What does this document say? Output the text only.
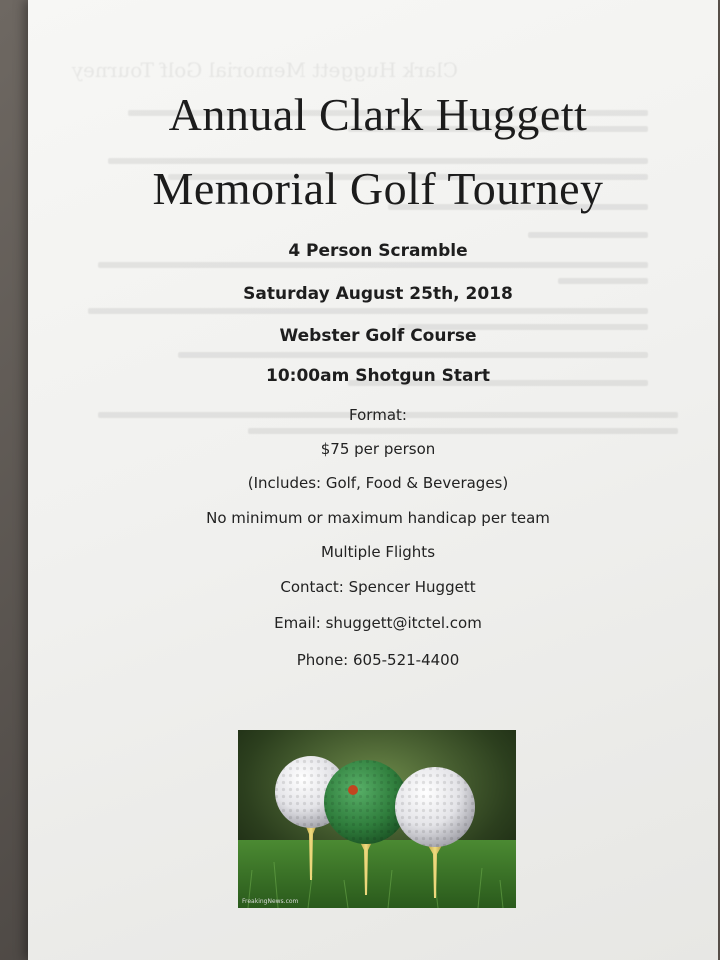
Clark Huggett Memorial Golf Tourney
Annual Clark Huggett
Memorial Golf Tourney
4 Person Scramble
Saturday August 25th, 2018
Webster Golf Course
10:00am Shotgun Start
Format:
$75 per person
(Includes: Golf, Food & Beverages)
No minimum or maximum handicap per team
Multiple Flights
Contact: Spencer Huggett
Email: shuggett@itctel.com
Phone: 605-521-4400
FreakingNews.com
